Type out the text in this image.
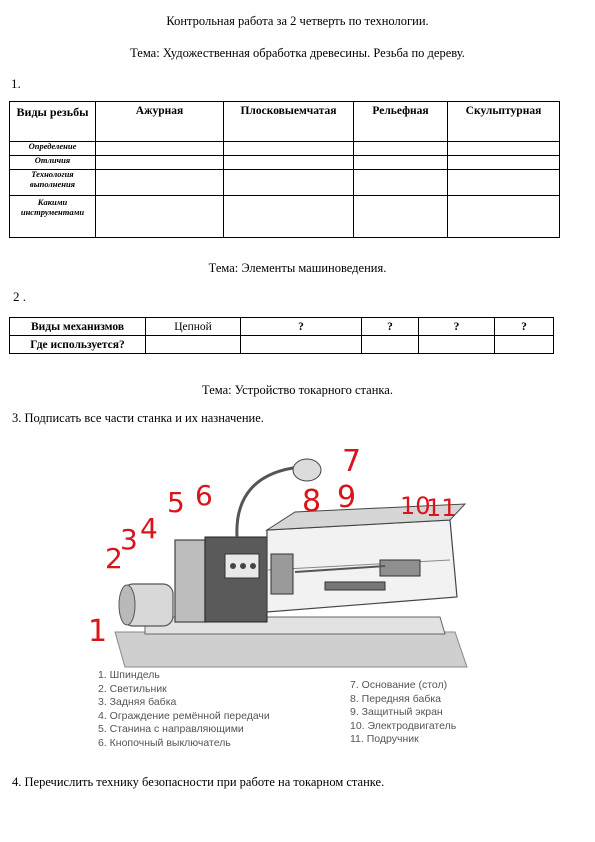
Контрольная работа за 2 четверть по технологии.
Тема: Художественная обработка древесины. Резьба по дереву.
1.
Виды резьбы	Ажурная	Плосковыемчатая	Рельефная	Скульптурная
Определение				
Отличия				
Технология выполнения				
Какими инструментами				
Тема: Элементы машиноведения.
2 .
Виды механизмов	Цепной	?	?	?	?
Где используется?					
Тема: Устройство токарного станка.
3. Подписать все части станка и их назначение.
1
2
3 4
5 6
7
8 9 10
11
1. Шпиндель
2. Светильник
3. Задняя бабка
4. Ограждение ремённой передачи
5. Станина с направляющими
6. Кнопочный выключатель
7. Основание (стол)
8. Передняя бабка
9. Защитный экран
10. Электродвигатель
11. Подручник
4. Перечислить технику безопасности при работе на токарном станке.
